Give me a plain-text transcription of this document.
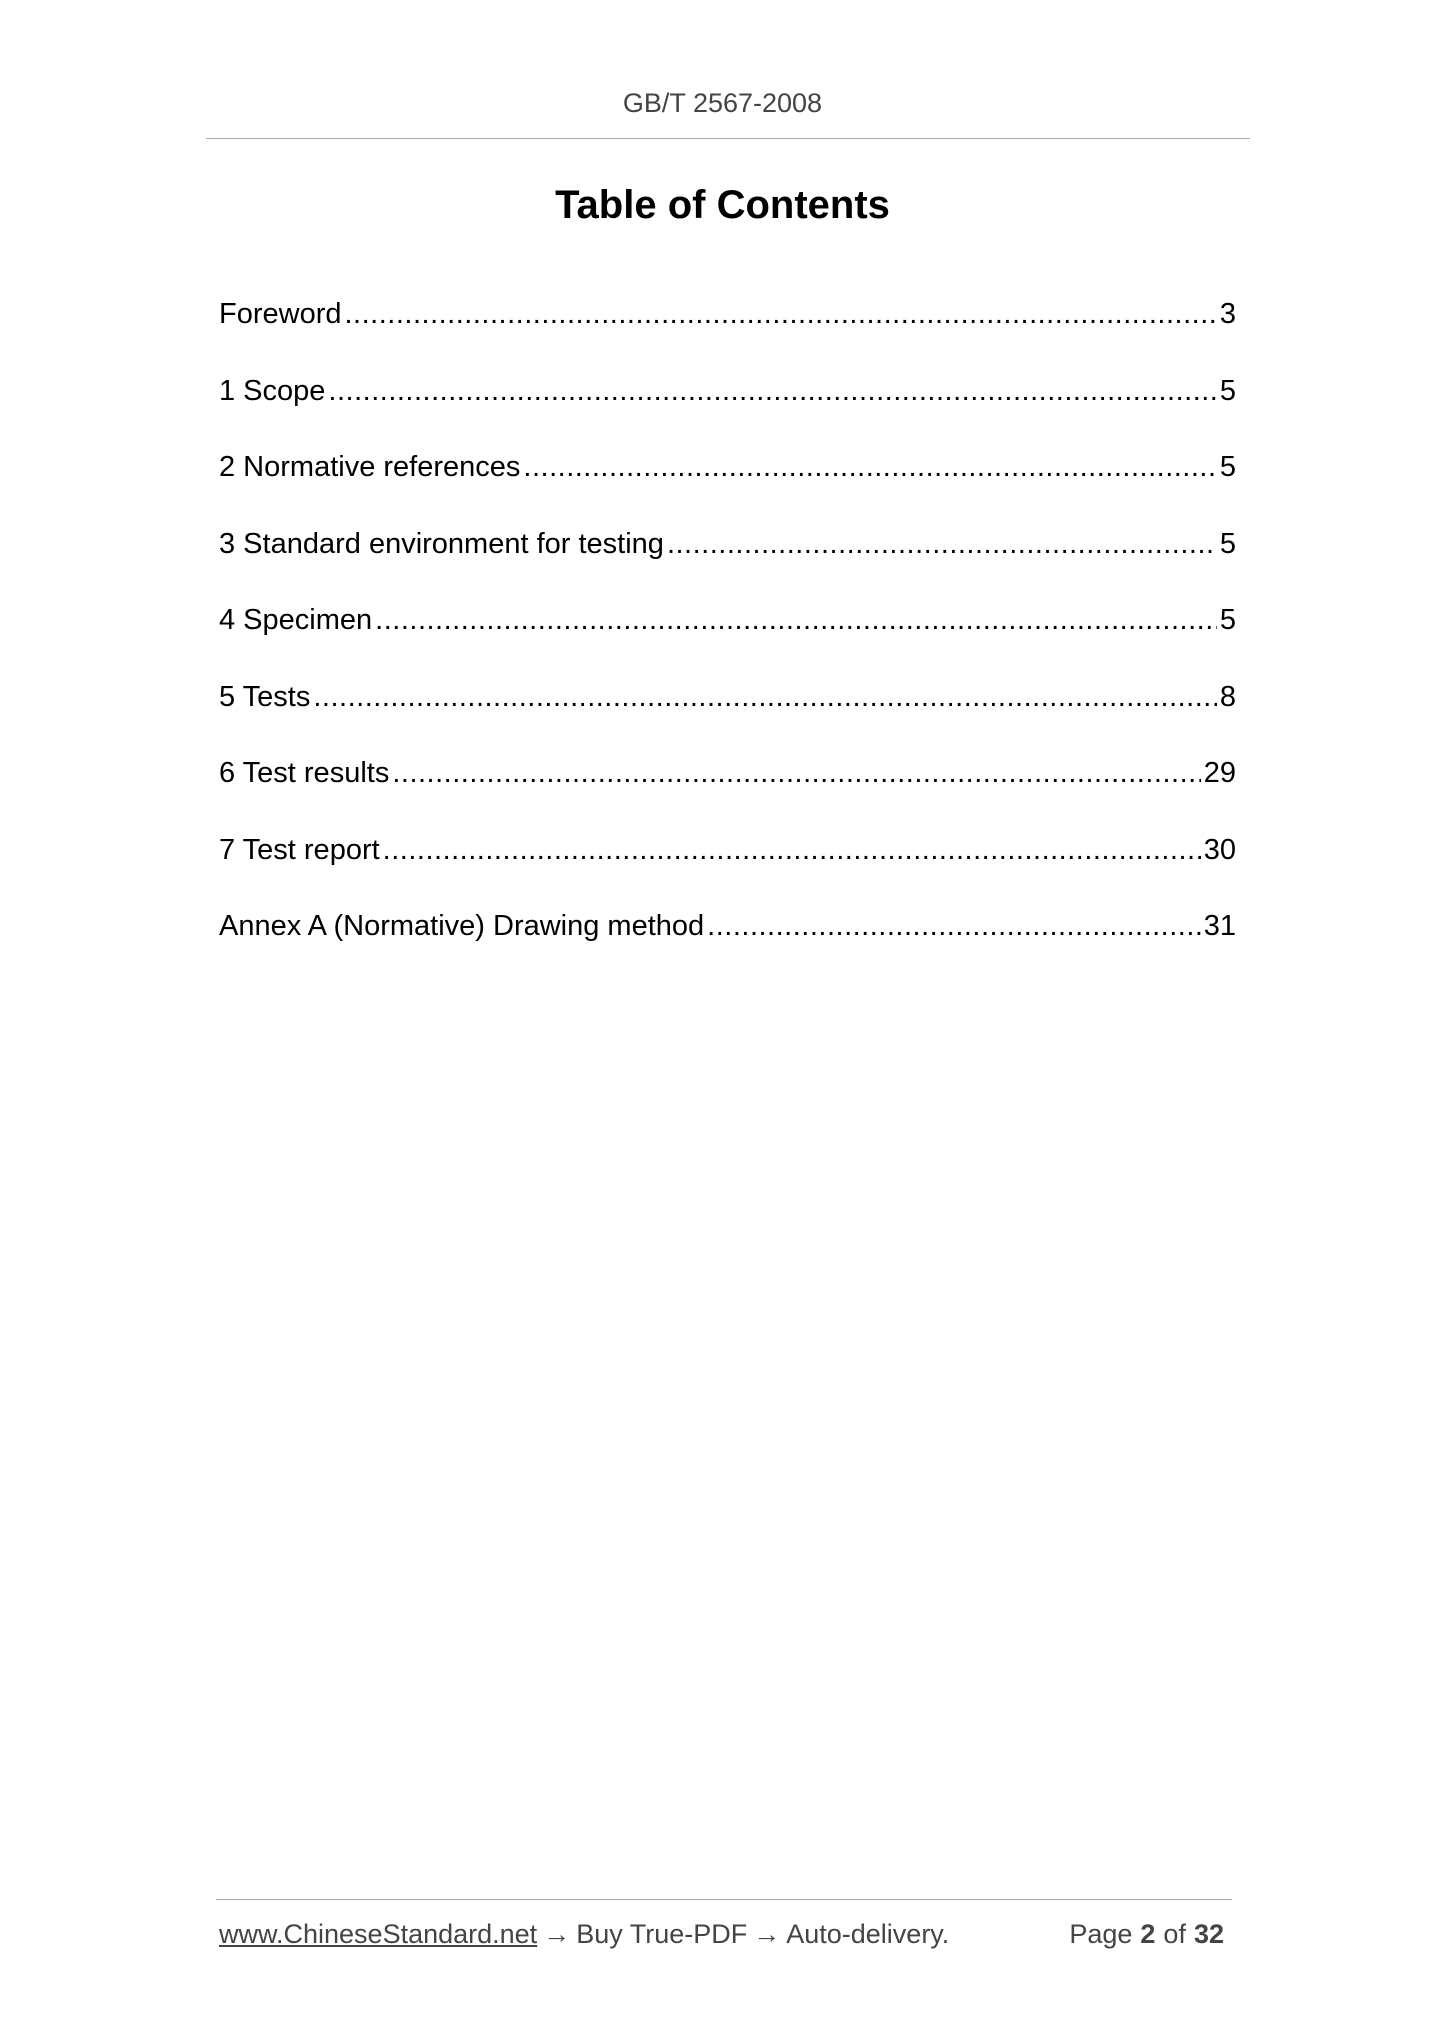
GB/T 2567-2008
Table of Contents
Foreword .....	3
1 Scope .....	5
2 Normative references .....	5
3 Standard environment for testing .....	5
4 Specimen .....	5
5 Tests .....	8
6 Test results .....	29
7 Test report .....	30
Annex A (Normative) Drawing method .....	31
www.ChineseStandard.net → Buy True-PDF → Auto-delivery.	Page 2 of 32
